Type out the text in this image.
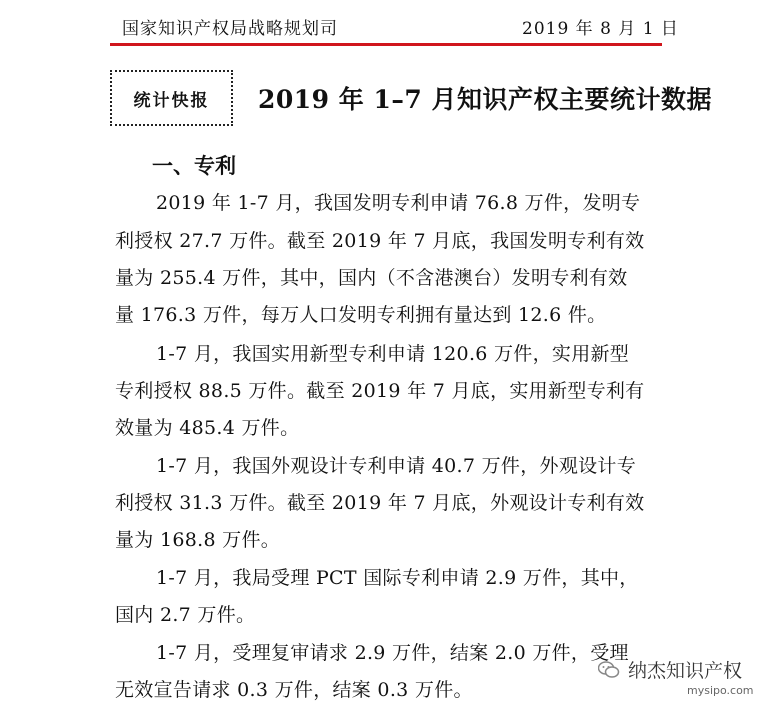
国家知识产权局战略规划司	2019 年 8 月 1 日
统计快报	2019 年 1–7 月知识产权主要统计数据
一、专利
2019 年 1-7 月，我国发明专利申请 76.8 万件，发明专
利授权 27.7 万件。截至 2019 年 7 月底，我国发明专利有效
量为 255.4 万件，其中，国内（不含港澳台）发明专利有效
量 176.3 万件，每万人口发明专利拥有量达到 12.6 件。
1-7 月，我国实用新型专利申请 120.6 万件，实用新型
专利授权 88.5 万件。截至 2019 年 7 月底，实用新型专利有
效量为 485.4 万件。
1-7 月，我国外观设计专利申请 40.7 万件，外观设计专
利授权 31.3 万件。截至 2019 年 7 月底，外观设计专利有效
量为 168.8 万件。
1-7 月，我局受理 PCT 国际专利申请 2.9 万件，其中，
国内 2.7 万件。
1-7 月，受理复审请求 2.9 万件，结案 2.0 万件，受理
无效宣告请求 0.3 万件，结案 0.3 万件。
纳杰知识产权
mysipo.com
